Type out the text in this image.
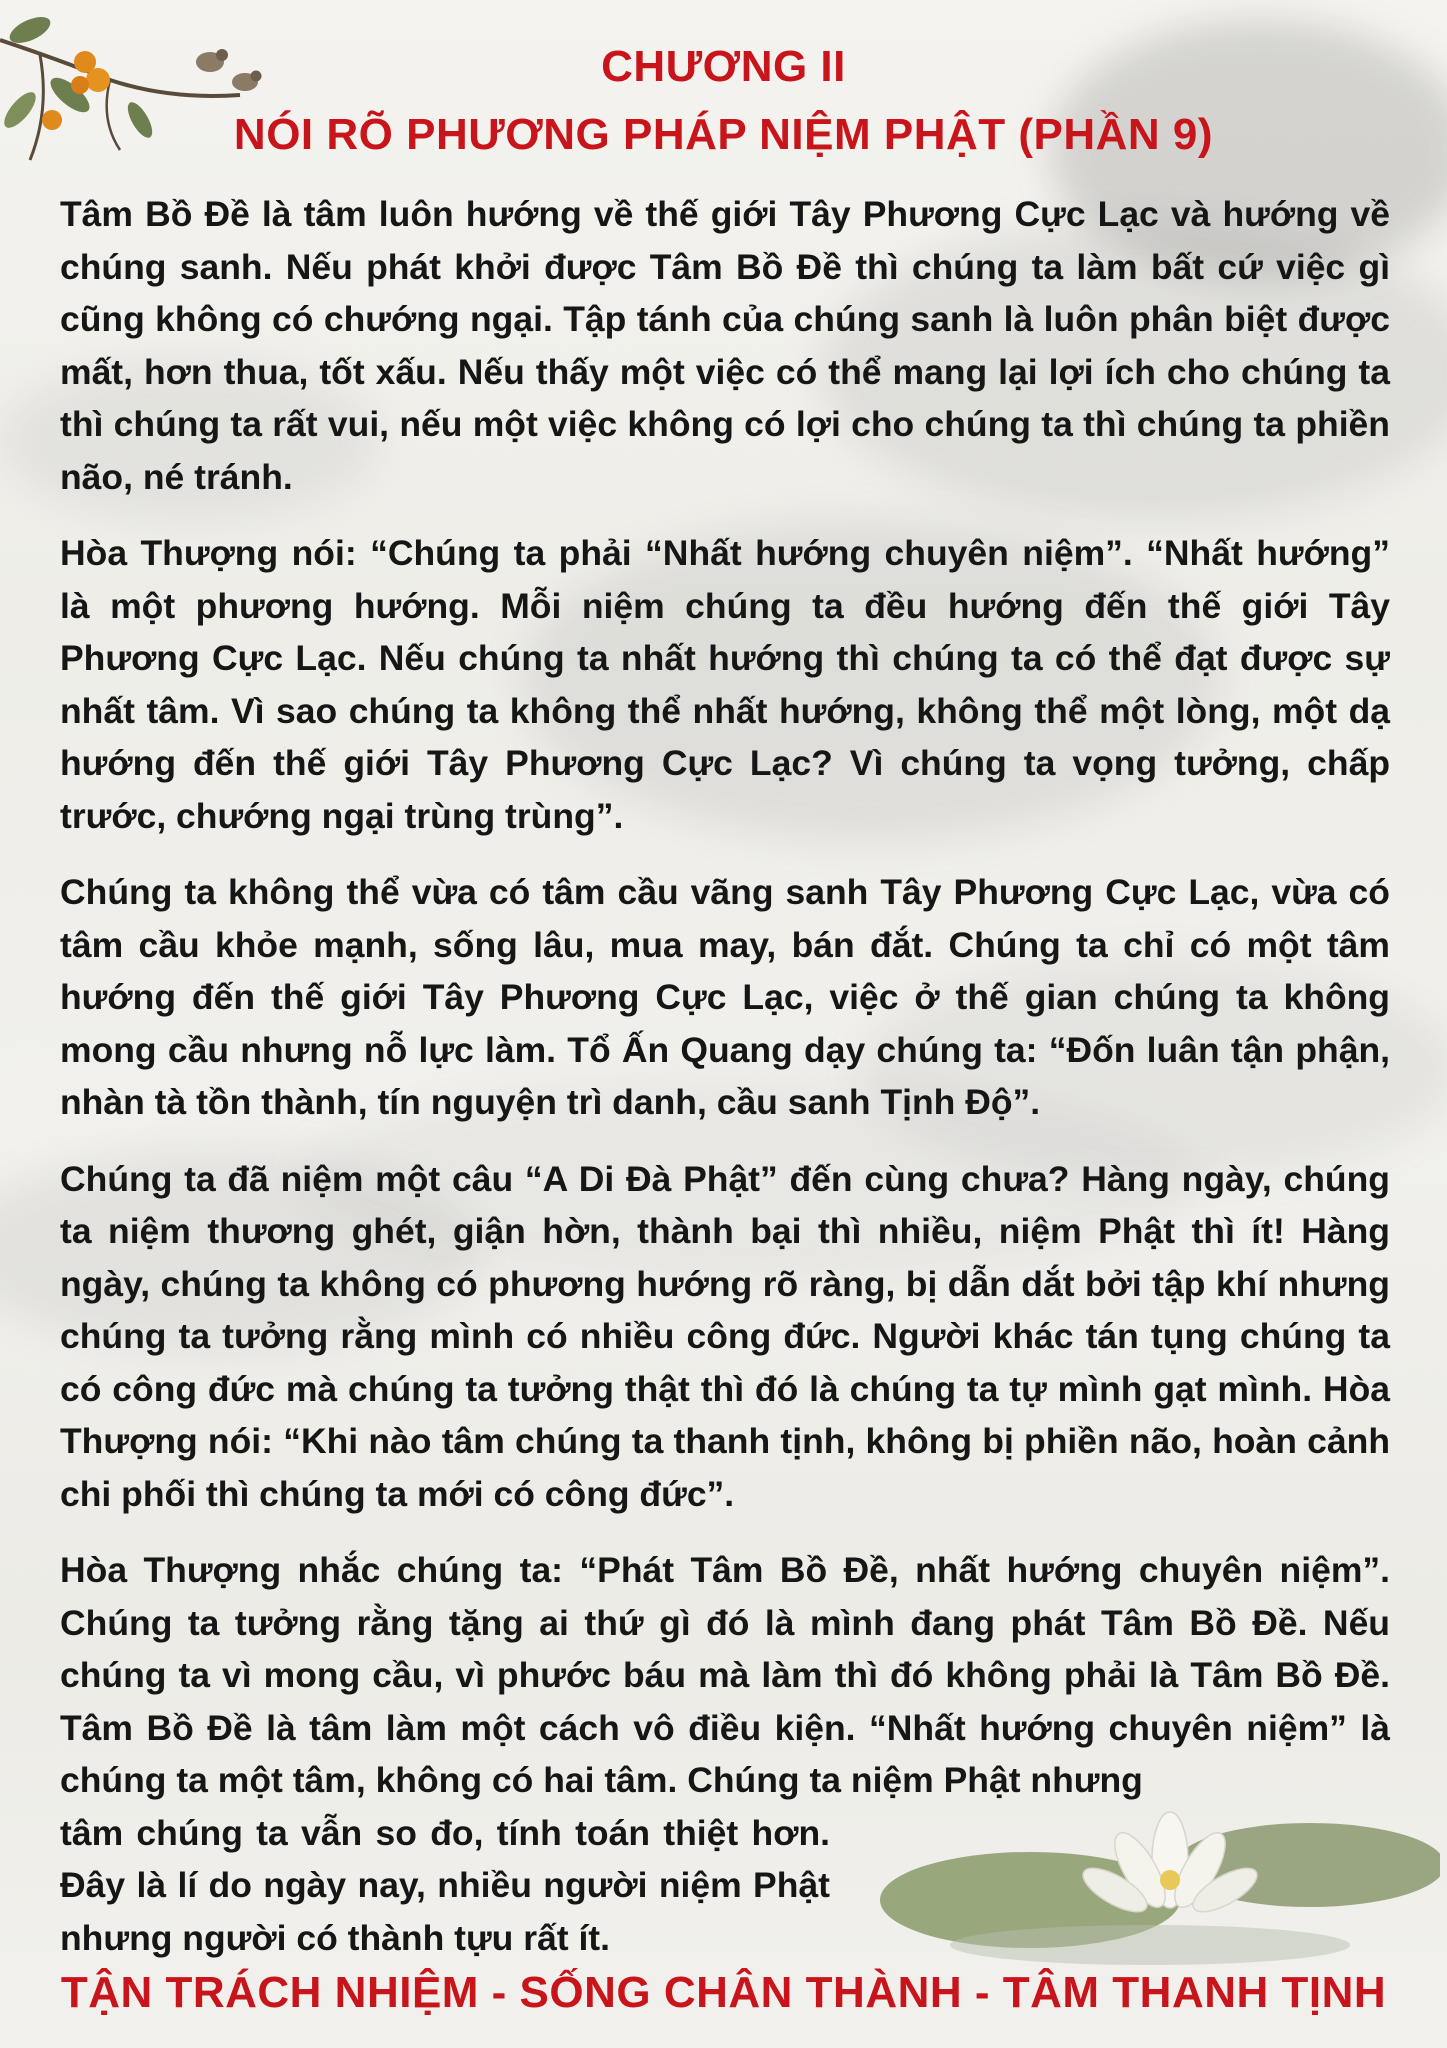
CHƯƠNG II
NÓI RÕ PHƯƠNG PHÁP NIỆM PHẬT (PHẦN 9)

Tâm Bồ Đề là tâm luôn hướng về thế giới Tây Phương Cực Lạc và hướng về chúng sanh. Nếu phát khởi được Tâm Bồ Đề thì chúng ta làm bất cứ việc gì cũng không có chướng ngại. Tập tánh của chúng sanh là luôn phân biệt được mất, hơn thua, tốt xấu. Nếu thấy một việc có thể mang lại lợi ích cho chúng ta thì chúng ta rất vui, nếu một việc không có lợi cho chúng ta thì chúng ta phiền não, né tránh.

Hòa Thượng nói: “Chúng ta phải “Nhất hướng chuyên niệm”. “Nhất hướng” là một phương hướng. Mỗi niệm chúng ta đều hướng đến thế giới Tây Phương Cực Lạc. Nếu chúng ta nhất hướng thì chúng ta có thể đạt được sự nhất tâm. Vì sao chúng ta không thể nhất hướng, không thể một lòng, một dạ hướng đến thế giới Tây Phương Cực Lạc? Vì chúng ta vọng tưởng, chấp trước, chướng ngại trùng trùng”.

Chúng ta không thể vừa có tâm cầu vãng sanh Tây Phương Cực Lạc, vừa có tâm cầu khỏe mạnh, sống lâu, mua may, bán đắt. Chúng ta chỉ có một tâm hướng đến thế giới Tây Phương Cực Lạc, việc ở thế gian chúng ta không mong cầu nhưng nỗ lực làm. Tổ Ấn Quang dạy chúng ta: “Đốn luân tận phận, nhàn tà tồn thành, tín nguyện trì danh, cầu sanh Tịnh Độ”.

Chúng ta đã niệm một câu “A Di Đà Phật” đến cùng chưa? Hàng ngày, chúng ta niệm thương ghét, giận hờn, thành bại thì nhiều, niệm Phật thì ít! Hàng ngày, chúng ta không có phương hướng rõ ràng, bị dẫn dắt bởi tập khí nhưng chúng ta tưởng rằng mình có nhiều công đức. Người khác tán tụng chúng ta có công đức mà chúng ta tưởng thật thì đó là chúng ta tự mình gạt mình. Hòa Thượng nói: “Khi nào tâm chúng ta thanh tịnh, không bị phiền não, hoàn cảnh chi phối thì chúng ta mới có công đức”.

Hòa Thượng nhắc chúng ta: “Phát Tâm Bồ Đề, nhất hướng chuyên niệm”. Chúng ta tưởng rằng tặng ai thứ gì đó là mình đang phát Tâm Bồ Đề. Nếu chúng ta vì mong cầu, vì phước báu mà làm thì đó không phải là Tâm Bồ Đề. Tâm Bồ Đề là tâm làm một cách vô điều kiện. “Nhất hướng chuyên niệm” là chúng ta một tâm, không có hai tâm. Chúng ta niệm Phật nhưng

tâm chúng ta vẫn so đo, tính toán thiệt hơn. Đây là lí do ngày nay, nhiều người niệm Phật nhưng người có thành tựu rất ít.

TẬN TRÁCH NHIỆM - SỐNG CHÂN THÀNH - TÂM THANH TỊNH
